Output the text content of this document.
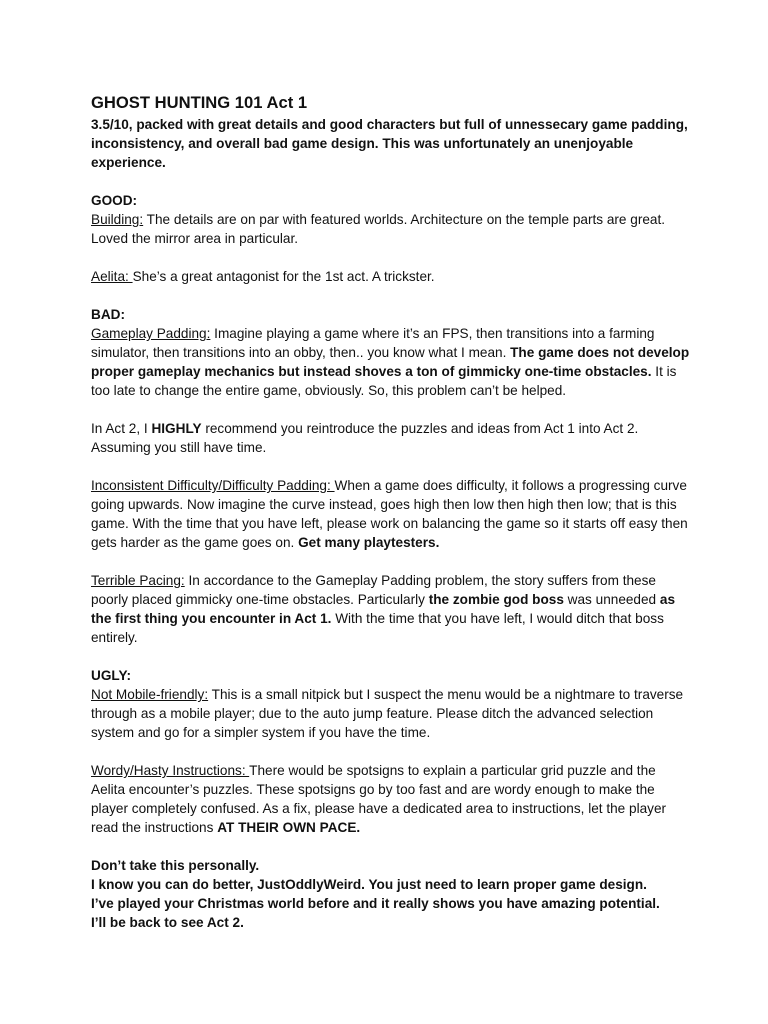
GHOST HUNTING 101 Act 1

3.5/10, packed with great details and good characters but full of unnessecary game padding, inconsistency, and overall bad game design. This was unfortunately an unenjoyable experience.

GOOD:

Building: The details are on par with featured worlds. Architecture on the temple parts are great. Loved the mirror area in particular.

Aelita: She’s a great antagonist for the 1st act. A trickster.

BAD:

Gameplay Padding: Imagine playing a game where it’s an FPS, then transitions into a farming simulator, then transitions into an obby, then.. you know what I mean. The game does not develop proper gameplay mechanics but instead shoves a ton of gimmicky one-time obstacles. It is too late to change the entire game, obviously. So, this problem can’t be helped.

In Act 2, I HIGHLY recommend you reintroduce the puzzles and ideas from Act 1 into Act 2. Assuming you still have time.

Inconsistent Difficulty/Difficulty Padding: When a game does difficulty, it follows a progressing curve going upwards. Now imagine the curve instead, goes high then low then high then low; that is this game. With the time that you have left, please work on balancing the game so it starts off easy then gets harder as the game goes on. Get many playtesters.

Terrible Pacing: In accordance to the Gameplay Padding problem, the story suffers from these poorly placed gimmicky one-time obstacles. Particularly the zombie god boss was unneeded as the first thing you encounter in Act 1. With the time that you have left, I would ditch that boss entirely.

UGLY:

Not Mobile-friendly: This is a small nitpick but I suspect the menu would be a nightmare to traverse through as a mobile player; due to the auto jump feature. Please ditch the advanced selection system and go for a simpler system if you have the time.

Wordy/Hasty Instructions: There would be spotsigns to explain a particular grid puzzle and the Aelita encounter’s puzzles. These spotsigns go by too fast and are wordy enough to make the player completely confused. As a fix, please have a dedicated area to instructions, let the player read the instructions AT THEIR OWN PACE.

Don’t take this personally.

I know you can do better, JustOddlyWeird. You just need to learn proper game design.

I’ve played your Christmas world before and it really shows you have amazing potential.

I’ll be back to see Act 2.
